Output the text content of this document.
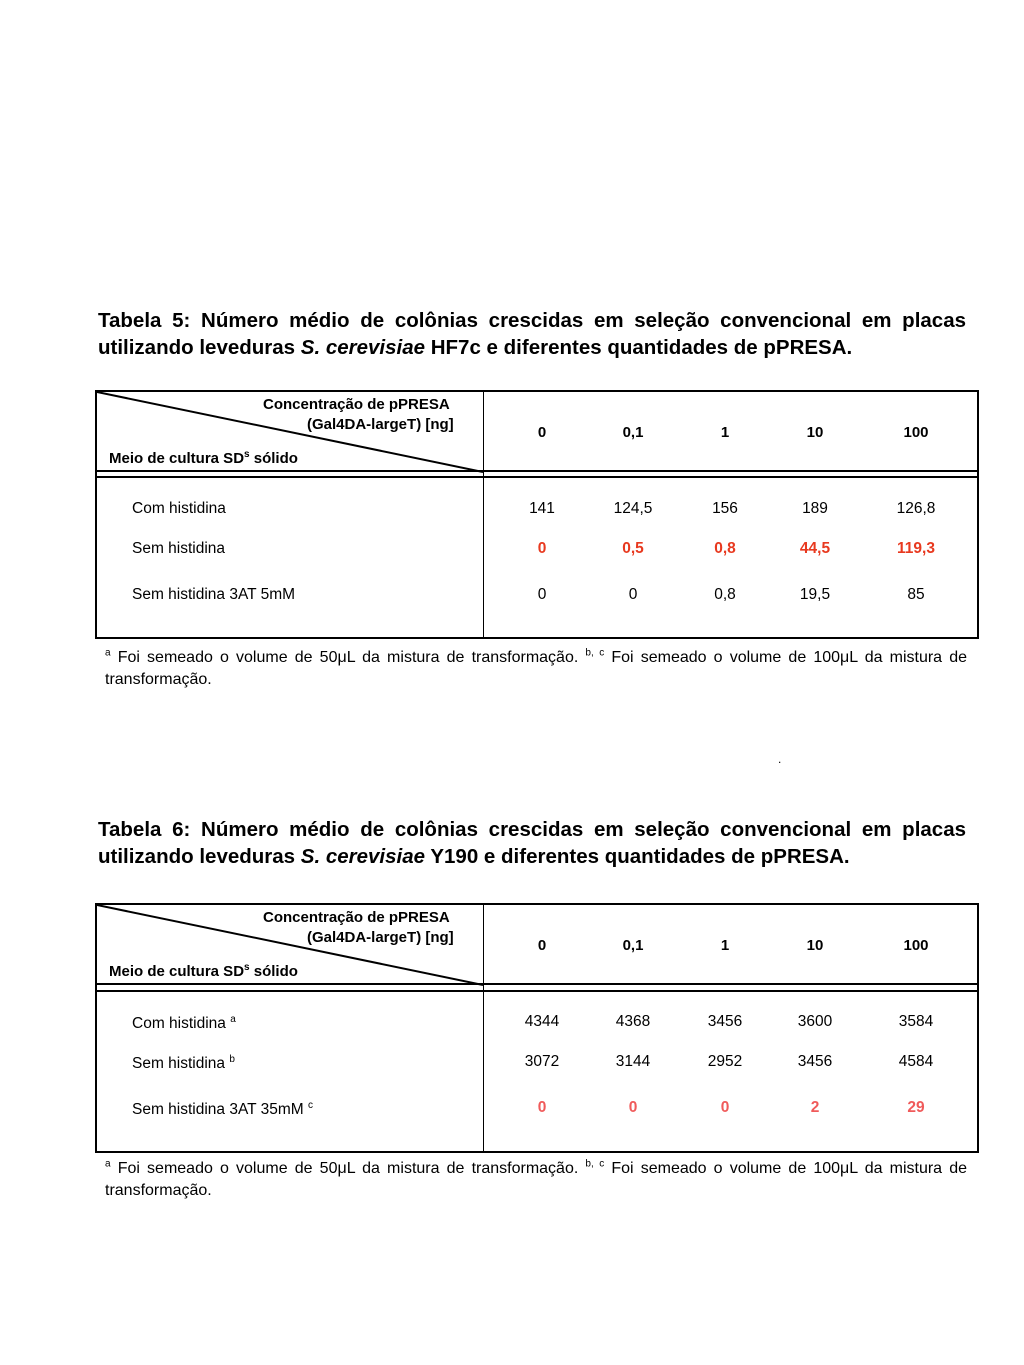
Tabela 5: Número médio de colônias crescidas em seleção convencional em placas utilizando leveduras S. cerevisiae HF7c e diferentes quantidades de pPRESA.

Concentração de pPRESA
(Gal4DA-largeT) [ng]
Meio de cultura $SD^s$ sólido
0	0,1	1	10	100
Com histidina	141	124,5	156	189	126,8
Sem histidina	0	0,5	0,8	44,5	119,3
Sem histidina 3AT 5mM	0	0	0,8	19,5	85

$^a$ Foi semeado o volume de 50μL da mistura de transformação. $^{b, c}$ Foi semeado o volume de 100μL da mistura de transformação.

.

Tabela 6: Número médio de colônias crescidas em seleção convencional em placas utilizando leveduras S. cerevisiae Y190 e diferentes quantidades de pPRESA.

Concentração de pPRESA
(Gal4DA-largeT) [ng]
Meio de cultura $SD^s$ sólido
0	0,1	1	10	100
Com histidina $^a$	4344	4368	3456	3600	3584
Sem histidina $^b$	3072	3144	2952	3456	4584
Sem histidina 3AT 35mM $^c$	0	0	0	2	29

$^a$ Foi semeado o volume de 50μL da mistura de transformação. $^{b, c}$ Foi semeado o volume de 100μL da mistura de transformação.
